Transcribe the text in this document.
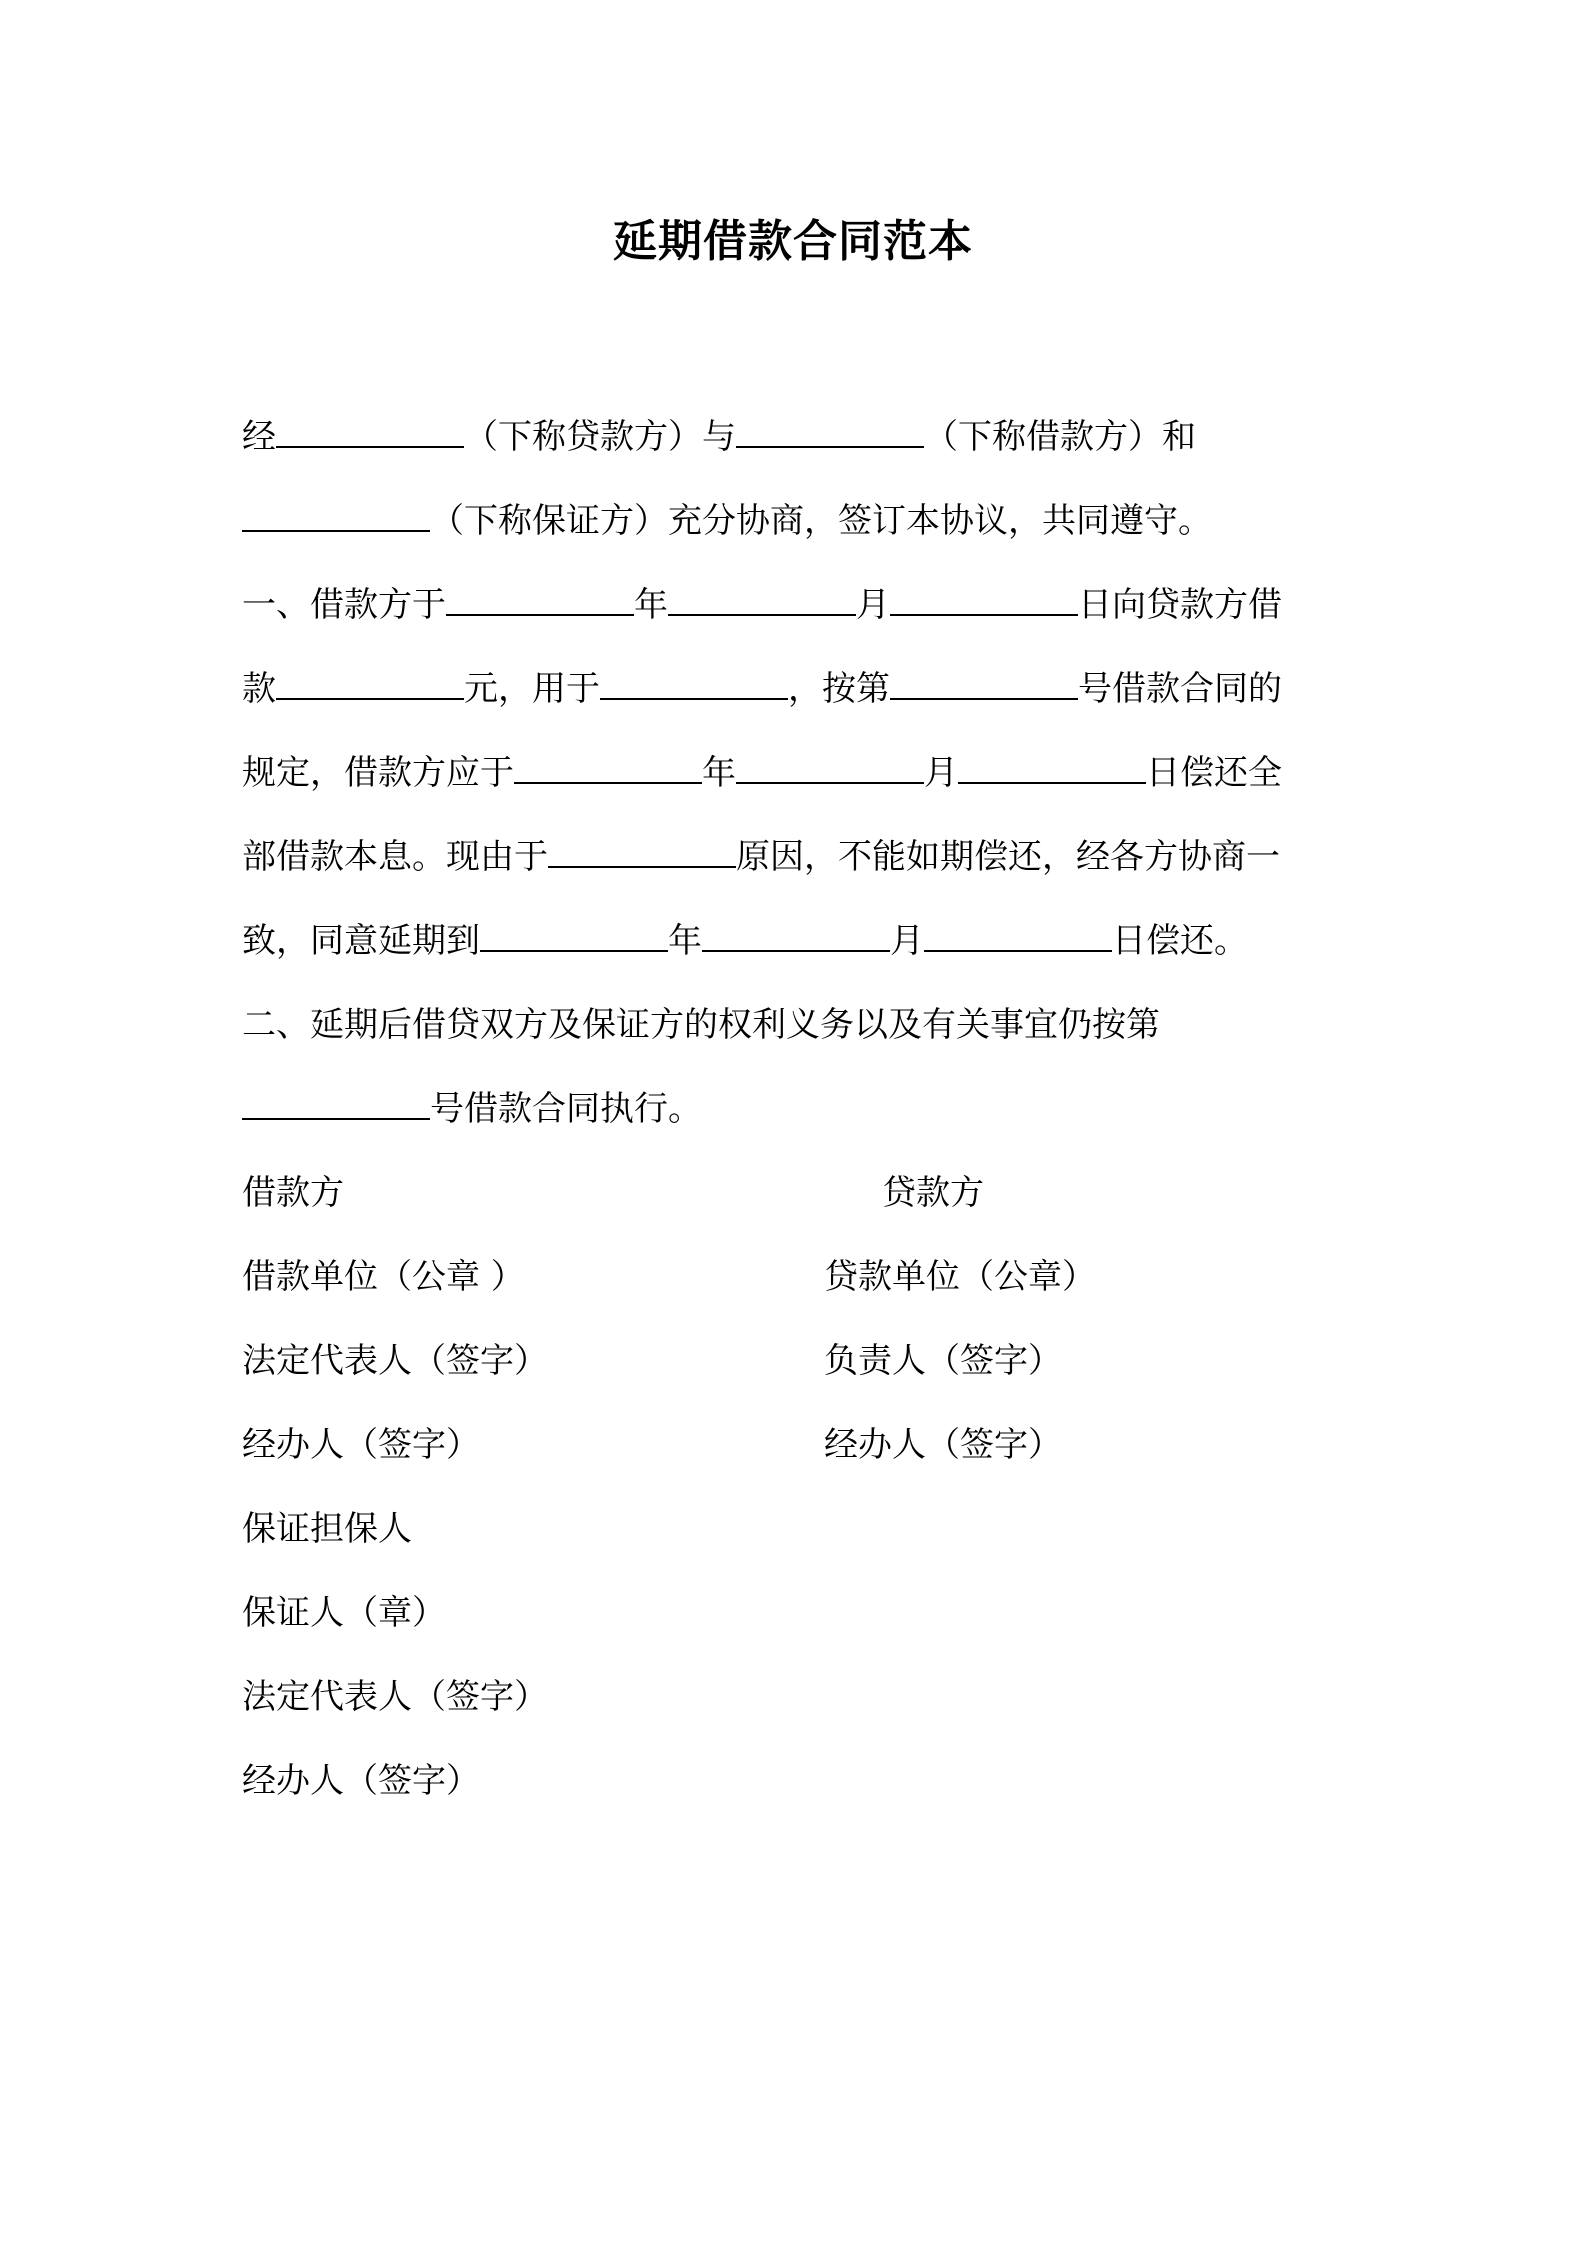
延期借款合同范本
经	（下称贷款方）与	（下称借款方）和
（下称保证方）充分协商，签订本协议，共同遵守。
一、借款方于	年	月	日向贷款方借
款	元，用于	，按第	号借款合同的
规定，借款方应于	年	月	日偿还全
部借款本息。现由于	原因，不能如期偿还，经各方协商一
致，同意延期到	年	月	日偿还。
二、延期后借贷双方及保证方的权利义务以及有关事宜仍按第
号借款合同执行。
借款方	贷款方
借款单位（公章 ）	贷款单位（公章）
法定代表人（签字）	负责人（签字）
经办人（签字）	经办人（签字）
保证担保人
保证人（章）
法定代表人（签字）
经办人（签字）
